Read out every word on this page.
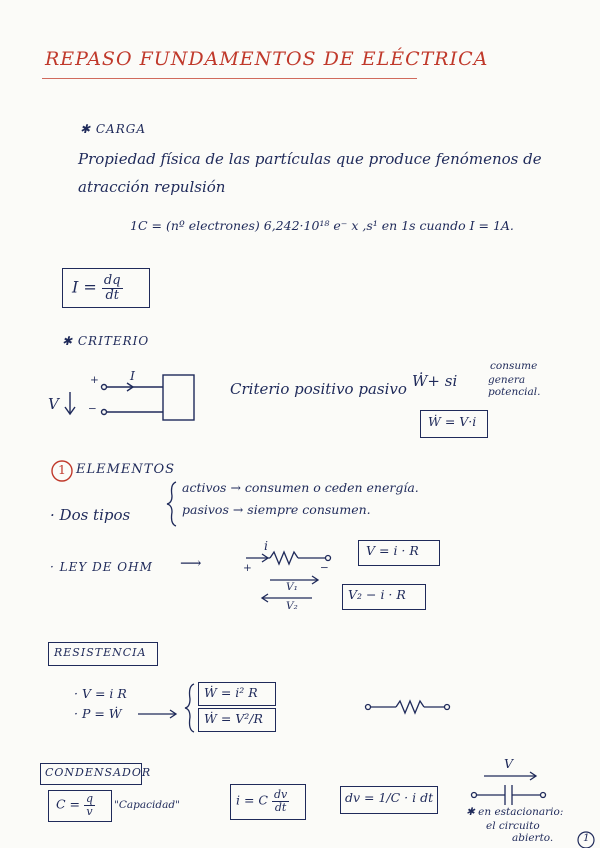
REPASO FUNDAMENTOS DE ELÉCTRICA
✱ CARGA
Propiedad física de las partículas que produce fenómenos de
atracción repulsión
1C = (nº electrones) 6,242·10¹⁸ e⁻ x ,s¹ en 1s cuando I = 1A.
$I = \frac{dq}{dt}$
✱ CRITERIO
V
+
−
I
Criterio positivo pasivo Ẇ+ si
consume
genera
potencial.
Ẇ = V·i
1 ELEMENTOS
· Dos tipos
activos → consumen o ceden energía.
pasivos → siempre consumen.
· LEY DE OHM ⟶
i
+	−
V₁
V₂
V = i · R
V₂ − i · R
RESISTENCIA
· V = i R
· P = Ẇ
Ẇ = i² R
Ẇ = V²/R
CONDENSADOR
$C = \frac{q}{v}$ "Capacidad"	i = C $\frac{dv}{dt}$	dv = 1/C · i dt
V
✱ en estacionario:
el circuito
abierto.	1
